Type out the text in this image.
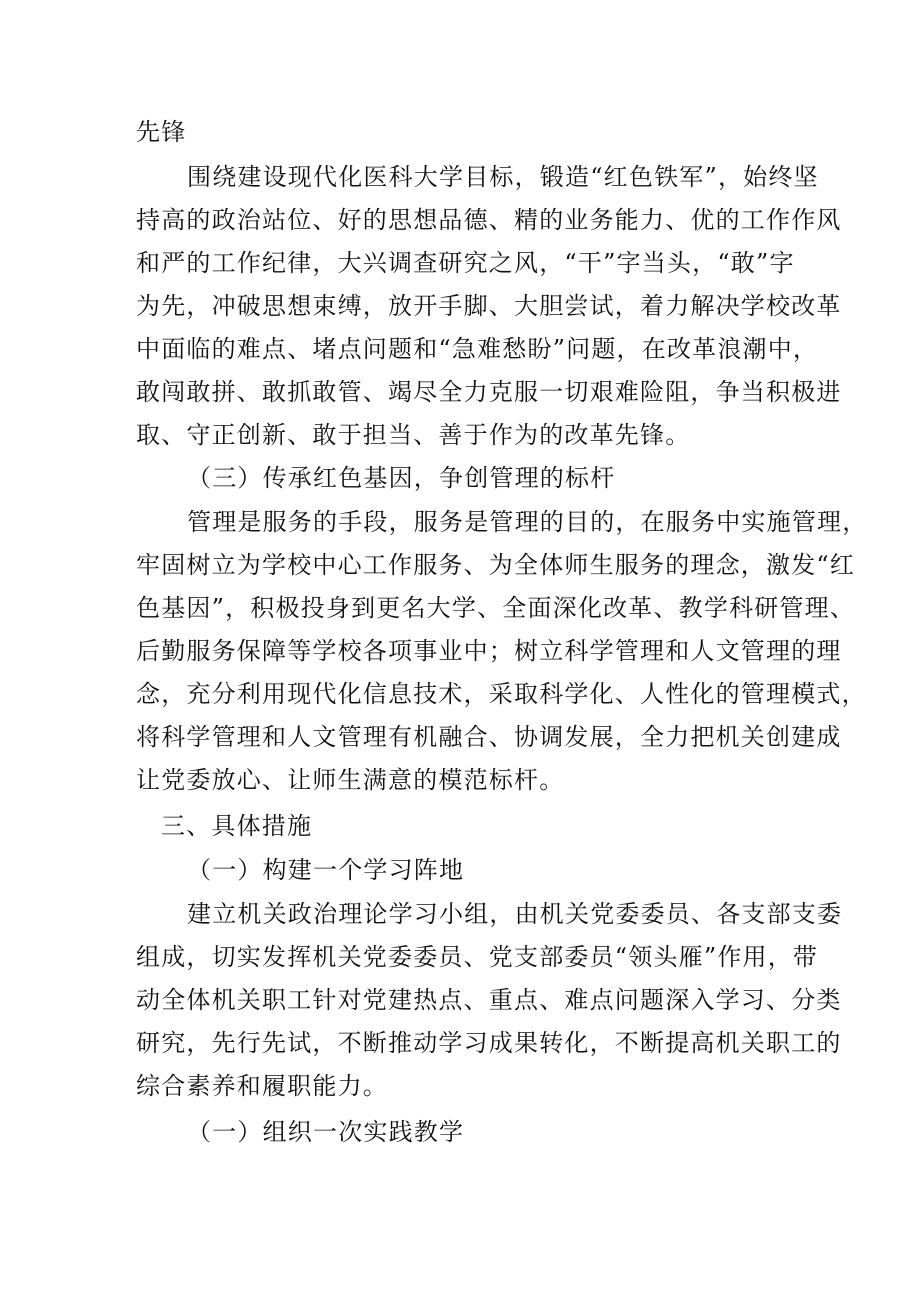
先锋
围绕建设现代化医科大学目标，锻造“红色铁军”，始终坚
持高的政治站位、好的思想品德、精的业务能力、优的工作作风
和严的工作纪律，大兴调查研究之风，“干”字当头，“敢”字
为先，冲破思想束缚，放开手脚、大胆尝试，着力解决学校改革
中面临的难点、堵点问题和“急难愁盼”问题，在改革浪潮中，
敢闯敢拼、敢抓敢管、竭尽全力克服一切艰难险阻，争当积极进
取、守正创新、敢于担当、善于作为的改革先锋。
（三）传承红色基因，争创管理的标杆
管理是服务的手段，服务是管理的目的，在服务中实施管理，
牢固树立为学校中心工作服务、为全体师生服务的理念，激发“红
色基因”，积极投身到更名大学、全面深化改革、教学科研管理、
后勤服务保障等学校各项事业中；树立科学管理和人文管理的理
念，充分利用现代化信息技术，采取科学化、人性化的管理模式，
将科学管理和人文管理有机融合、协调发展，全力把机关创建成
让党委放心、让师生满意的模范标杆。
三、具体措施
（一）构建一个学习阵地
建立机关政治理论学习小组，由机关党委委员、各支部支委
组成，切实发挥机关党委委员、党支部委员“领头雁”作用，带
动全体机关职工针对党建热点、重点、难点问题深入学习、分类
研究，先行先试，不断推动学习成果转化，不断提高机关职工的
综合素养和履职能力。
（一）组织一次实践教学
